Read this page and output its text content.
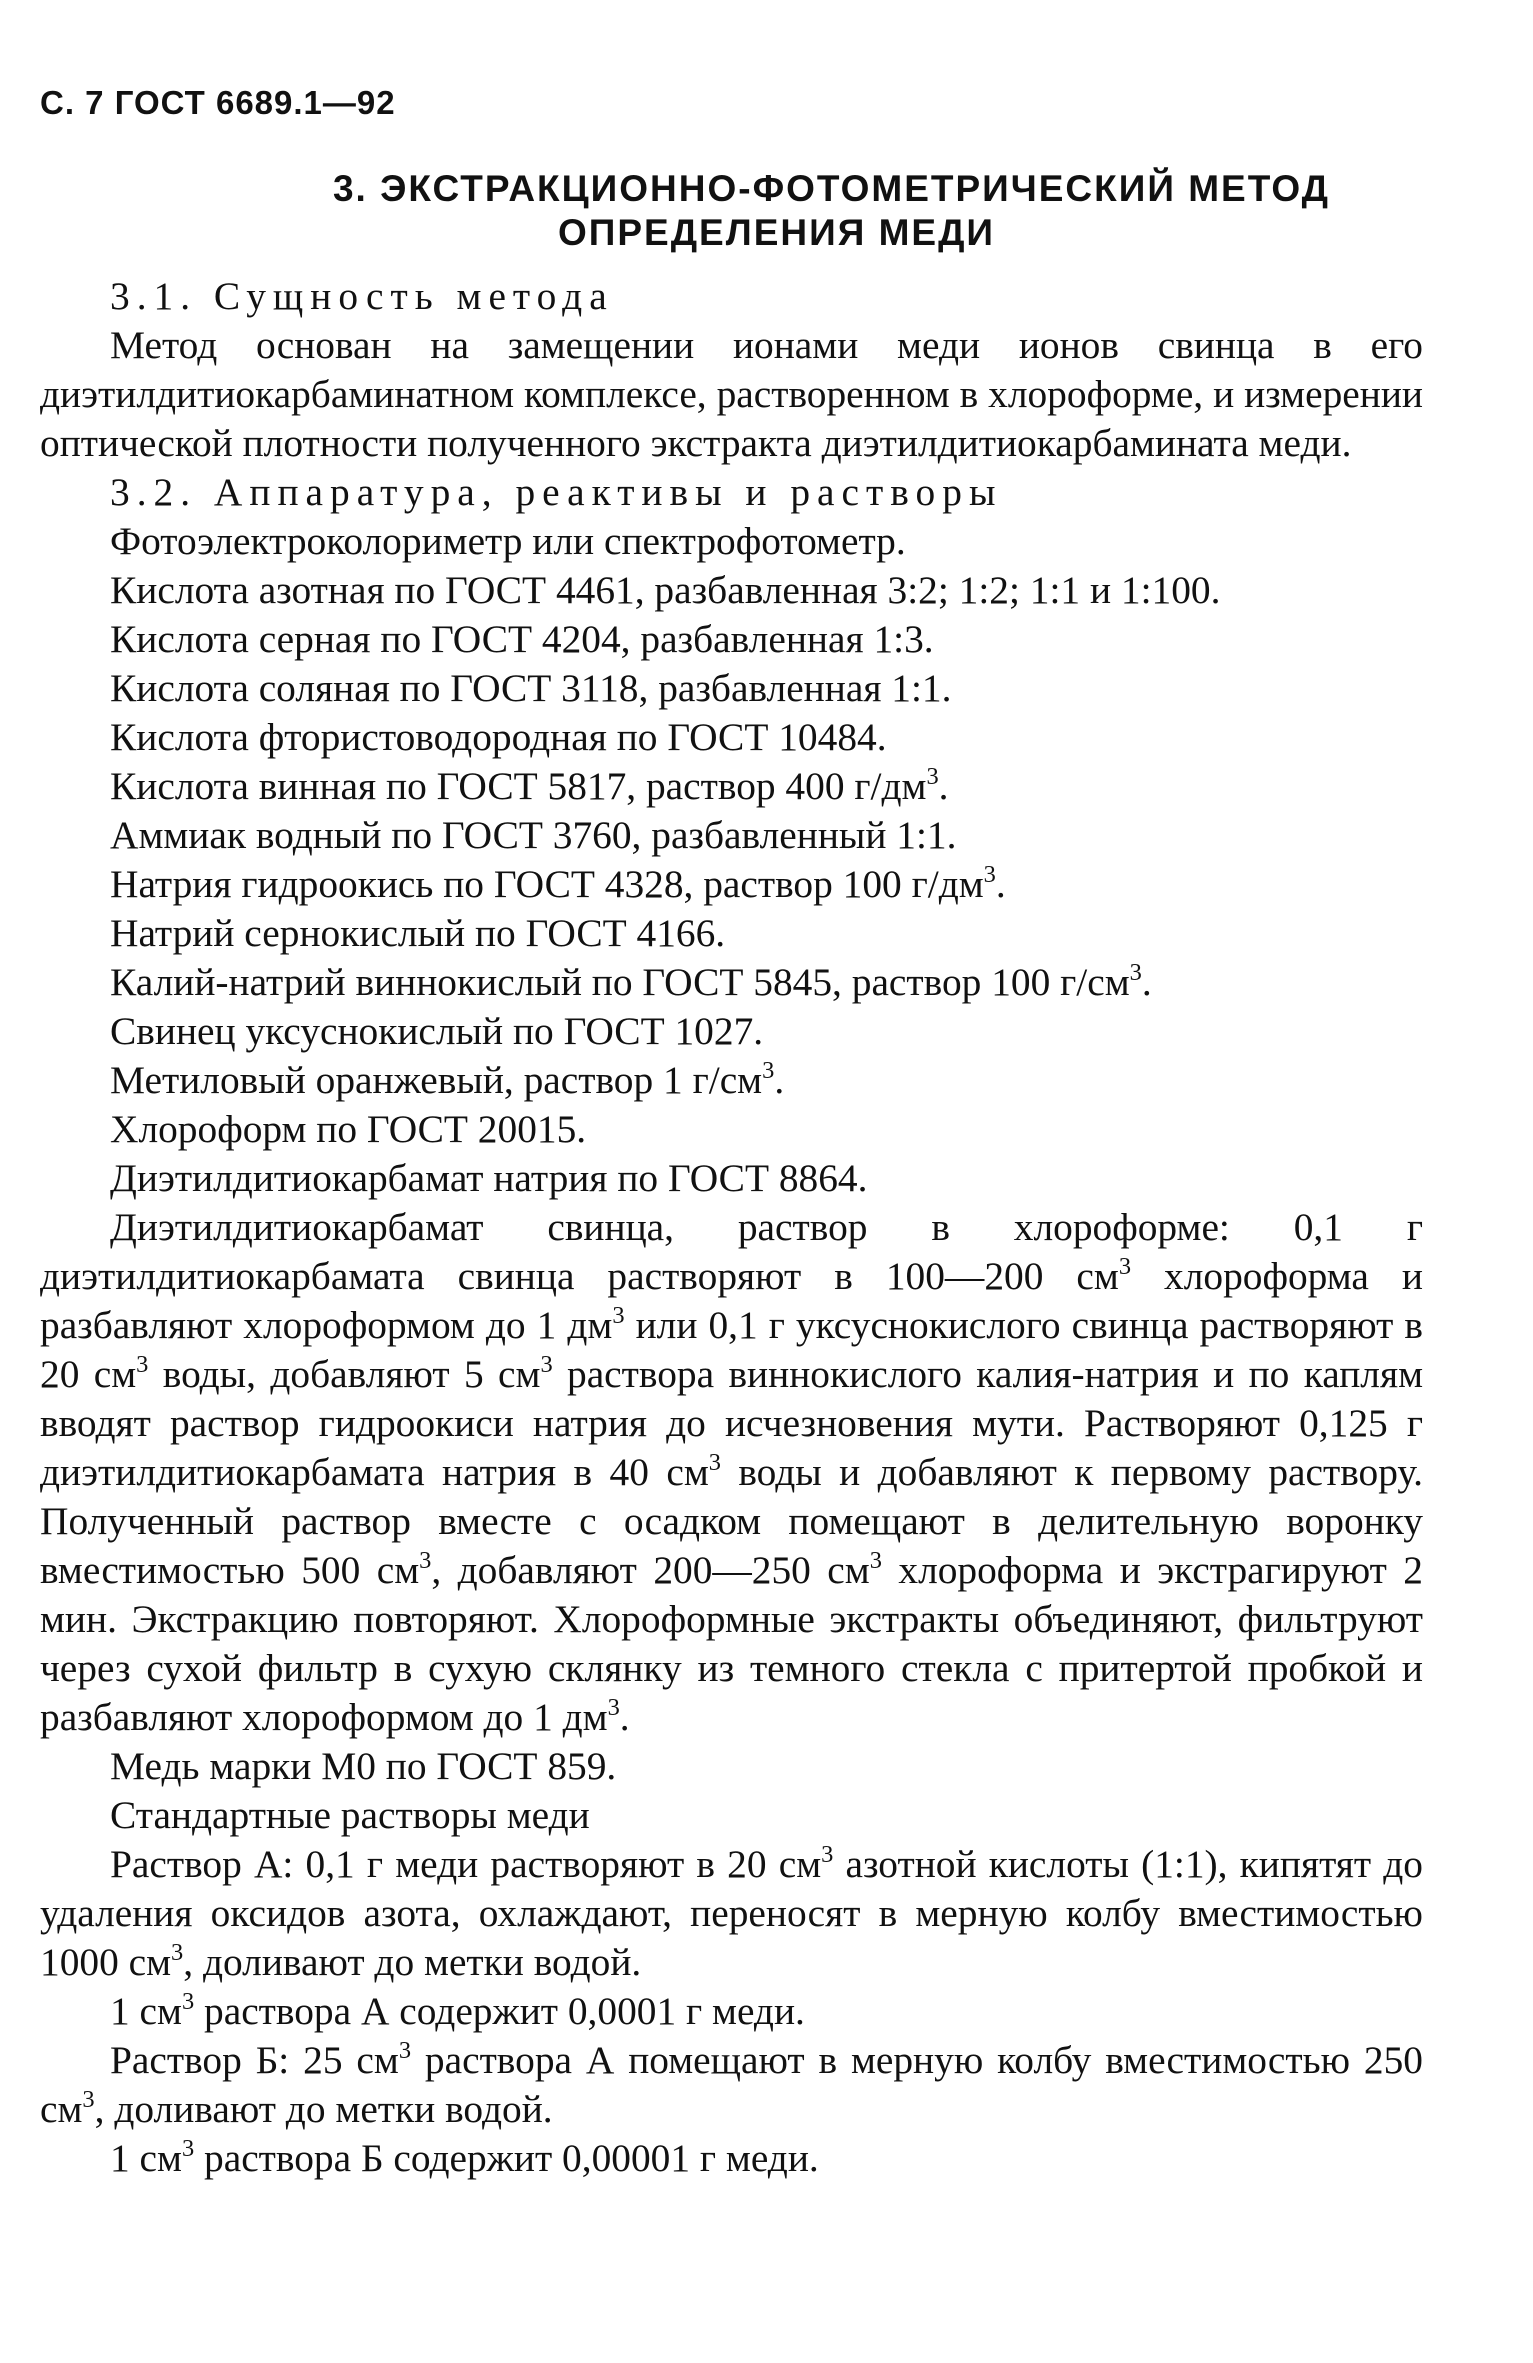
С. 7 ГОСТ 6689.1—92
3. ЭКСТРАКЦИОННО-ФОТОМЕТРИЧЕСКИЙ МЕТОД
ОПРЕДЕЛЕНИЯ МЕДИ

3.1. Сущность метода

Метод основан на замещении ионами меди ионов свинца в его диэтилдитиокарбаминатном комплексе, растворенном в хлороформе, и измерении оптической плотности полученного экстракта диэтилдитиокарбамината меди.

3.2. Аппаратура, реактивы и растворы

Фотоэлектроколориметр или спектрофотометр.

Кислота азотная по ГОСТ 4461, разбавленная 3:2; 1:2; 1:1 и 1:100.

Кислота серная по ГОСТ 4204, разбавленная 1:3.

Кислота соляная по ГОСТ 3118, разбавленная 1:1.

Кислота фтористоводородная по ГОСТ 10484.

Кислота винная по ГОСТ 5817, раствор 400 $г/дм^3$.

Аммиак водный по ГОСТ 3760, разбавленный 1:1.

Натрия гидроокись по ГОСТ 4328, раствор 100 $г/дм^3$.

Натрий сернокислый по ГОСТ 4166.

Калий-натрий виннокислый по ГОСТ 5845, раствор 100 $г/см^3$.

Свинец уксуснокислый по ГОСТ 1027.

Метиловый оранжевый, раствор 1 $г/см^3$.

Хлороформ по ГОСТ 20015.

Диэтилдитиокарбамат натрия по ГОСТ 8864.

Диэтилдитиокарбамат свинца, раствор в хлороформе: 0,1 г диэтилдитиокарбамата свинца растворяют в 100—200 $см^3$ хлороформа и разбавляют хлороформом до 1 $дм^3$ или 0,1 г уксуснокислого свинца растворяют в 20 $см^3$ воды, добавляют 5 $см^3$ раствора виннокислого калия-натрия и по каплям вводят раствор гидроокиси натрия до исчезновения мути. Растворяют 0,125 г диэтилдитиокарбамата натрия в 40 $см^3$ воды и добавляют к первому раствору. Полученный раствор вместе с осадком помещают в делительную воронку вместимостью 500 $см^3$, добавляют 200—250 $см^3$ хлороформа и экстрагируют 2 мин. Экстракцию повторяют. Хлороформные экстракты объединяют, фильтруют через сухой фильтр в сухую склянку из темного стекла с притертой пробкой и разбавляют хлороформом до 1 $дм^3$.

Медь марки М0 по ГОСТ 859.

Стандартные растворы меди

Раствор А: 0,1 г меди растворяют в 20 $см^3$ азотной кислоты (1:1), кипятят до удаления оксидов азота, охлаждают, переносят в мерную колбу вместимостью 1000 $см^3$, доливают до метки водой.

1 $см^3$ раствора А содержит 0,0001 г меди.

Раствор Б: 25 $см^3$ раствора А помещают в мерную колбу вместимостью 250 $см^3$, доливают до метки водой.

1 $см^3$ раствора Б содержит 0,00001 г меди.
